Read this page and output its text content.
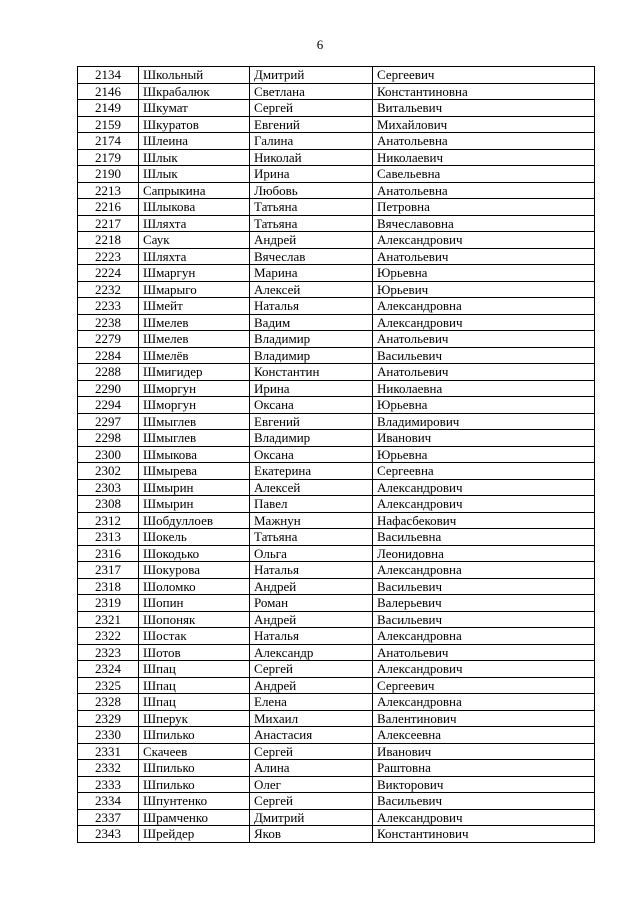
6
2134	Школьный	Дмитрий	Сергеевич
2146	Шкрабалюк	Светлана	Константиновна
2149	Шкумат	Сергей	Витальевич
2159	Шкуратов	Евгений	Михайлович
2174	Шлеина	Галина	Анатольевна
2179	Шлык	Николай	Николаевич
2190	Шлык	Ирина	Савельевна
2213	Сапрыкина	Любовь	Анатольевна
2216	Шлыкова	Татьяна	Петровна
2217	Шляхта	Татьяна	Вячеславовна
2218	Саук	Андрей	Александрович
2223	Шляхта	Вячеслав	Анатольевич
2224	Шмаргун	Марина	Юрьевна
2232	Шмарыго	Алексей	Юрьевич
2233	Шмейт	Наталья	Александровна
2238	Шмелев	Вадим	Александрович
2279	Шмелев	Владимир	Анатольевич
2284	Шмелёв	Владимир	Васильевич
2288	Шмигидер	Константин	Анатольевич
2290	Шморгун	Ирина	Николаевна
2294	Шморгун	Оксана	Юрьевна
2297	Шмыглев	Евгений	Владимирович
2298	Шмыглев	Владимир	Иванович
2300	Шмыкова	Оксана	Юрьевна
2302	Шмырева	Екатерина	Сергеевна
2303	Шмырин	Алексей	Александрович
2308	Шмырин	Павел	Александрович
2312	Шобдуллоев	Мажнун	Нафасбекович
2313	Шокель	Татьяна	Васильевна
2316	Шокодько	Ольга	Леонидовна
2317	Шокурова	Наталья	Александровна
2318	Шоломко	Андрей	Васильевич
2319	Шопин	Роман	Валерьевич
2321	Шопоняк	Андрей	Васильевич
2322	Шостак	Наталья	Александровна
2323	Шотов	Александр	Анатольевич
2324	Шпац	Сергей	Александрович
2325	Шпац	Андрей	Сергеевич
2328	Шпац	Елена	Александровна
2329	Шперук	Михаил	Валентинович
2330	Шпилько	Анастасия	Алексеевна
2331	Скачеев	Сергей	Иванович
2332	Шпилько	Алина	Раштовна
2333	Шпилько	Олег	Викторович
2334	Шпунтенко	Сергей	Васильевич
2337	Шрамченко	Дмитрий	Александрович
2343	Шрейдер	Яков	Константинович
